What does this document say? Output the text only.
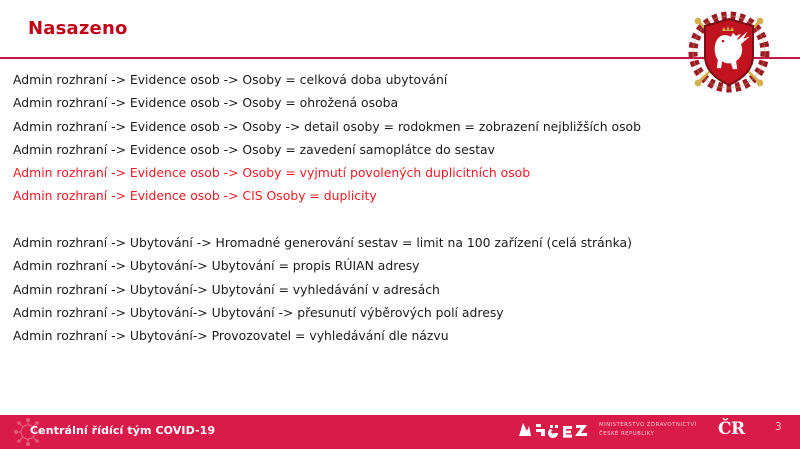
Nasazeno
Admin rozhraní -> Evidence osob -> Osoby = celková doba ubytování
Admin rozhraní -> Evidence osob -> Osoby = ohrožená osoba
Admin rozhraní -> Evidence osob -> Osoby -> detail osoby = rodokmen = zobrazení nejbližších osob
Admin rozhraní -> Evidence osob -> Osoby = zavedení samoplátce do sestav
Admin rozhraní -> Evidence osob -> Osoby = vyjmutí povolených duplicitních osob
Admin rozhraní -> Evidence osob -> CIS Osoby = duplicity
Admin rozhraní -> Ubytování -> Hromadné generování sestav = limit na 100 zařízení (celá stránka)
Admin rozhraní -> Ubytování-> Ubytování = propis RÚIAN adresy
Admin rozhraní -> Ubytování-> Ubytování = vyhledávání v adresách
Admin rozhraní -> Ubytování-> Ubytování -> přesunutí výběrových polí adresy
Admin rozhraní -> Ubytování-> Provozovatel = vyhledávání dle názvu
Centrální řídící tým COVID-19	MINISTERSTVO ZDRAVOTNICTVÍ
ČESKÉ REPUBLIKY	ČR	3
